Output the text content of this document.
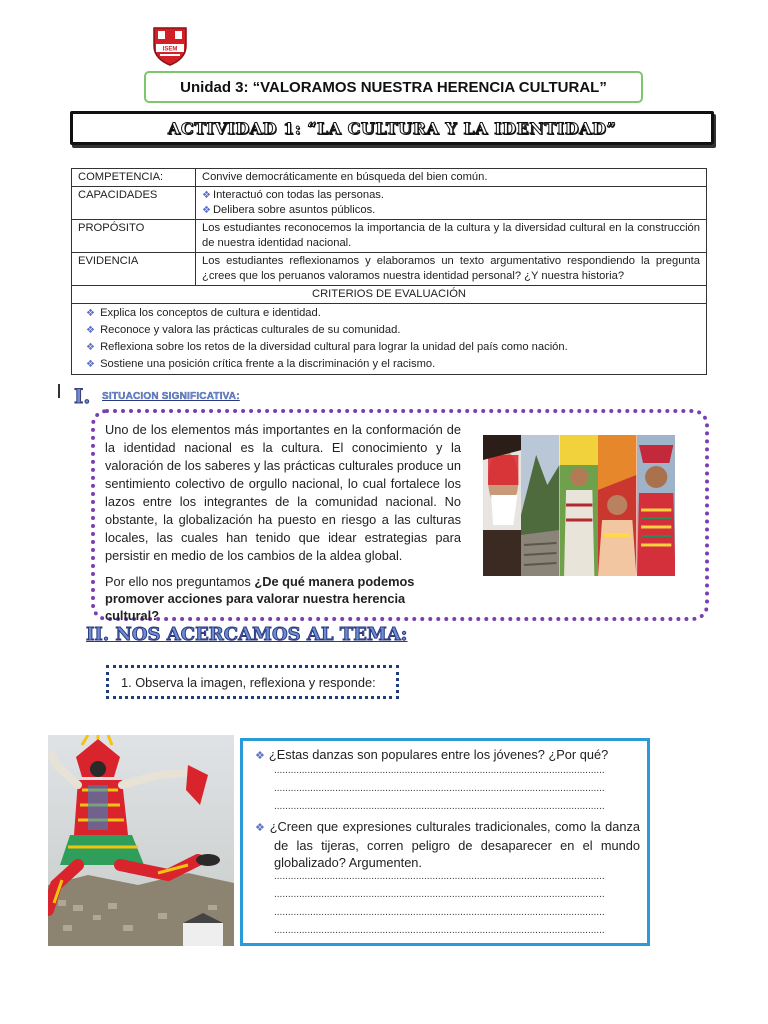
ISEM
Unidad 3: “VALORAMOS NUESTRA HERENCIA CULTURAL”
ACTIVIDAD 1: “LA CULTURA Y LA IDENTIDAD”
COMPETENCIA:	Convive democráticamente en búsqueda del bien común.
CAPACIDADES	❖ Interactuó con todas las personas.
❖ Delibera sobre asuntos públicos.

PROPÓSITO	Los estudiantes reconocemos la importancia de la cultura y la diversidad cultural en la construcción de nuestra identidad nacional.
EVIDENCIA	Los estudiantes reflexionamos y elaboramos un texto argumentativo respondiendo la pregunta ¿crees que los peruanos valoramos nuestra identidad personal? ¿Y nuestra historia?
CRITERIOS DE EVALUACIÓN	

❖ Explica los conceptos de cultura e identidad.
❖ Reconoce y valora las prácticas culturales de su comunidad.
❖ Reflexiona sobre los retos de la diversidad cultural para lograr la unidad del país como nación.
❖ Sostiene una posición crítica frente a la discriminación y el racismo.	
I. SITUACION SIGNIFICATIVA:
Uno de los elementos más importantes en la conformación de la identidad nacional es la cultura. El conocimiento y la valoración de los saberes y las prácticas culturales produce un sentimiento colectivo de orgullo nacional, lo cual fortalece los lazos entre los integrantes de la comunidad nacional. No obstante, la globalización ha puesto en riesgo a las culturas locales, las cuales han tenido que idear estrategias para persistir en medio de los cambios de la aldea global.
Por ello nos preguntamos ¿De qué manera podemos promover acciones para valorar nuestra herencia cultural?
II. NOS ACERCAMOS AL TEMA:
1. Observa la imagen, reflexiona y responde:
❖ ¿Estas danzas son populares entre los jóvenes? ¿Por qué?
.......................................................................................................................
.......................................................................................................................
.......................................................................................................................
❖ ¿Creen que expresiones culturales tradicionales, como la danza de las tijeras, corren peligro de desaparecer en el mundo globalizado? Argumenten.
.......................................................................................................................
.......................................................................................................................
.......................................................................................................................
.......................................................................................................................
